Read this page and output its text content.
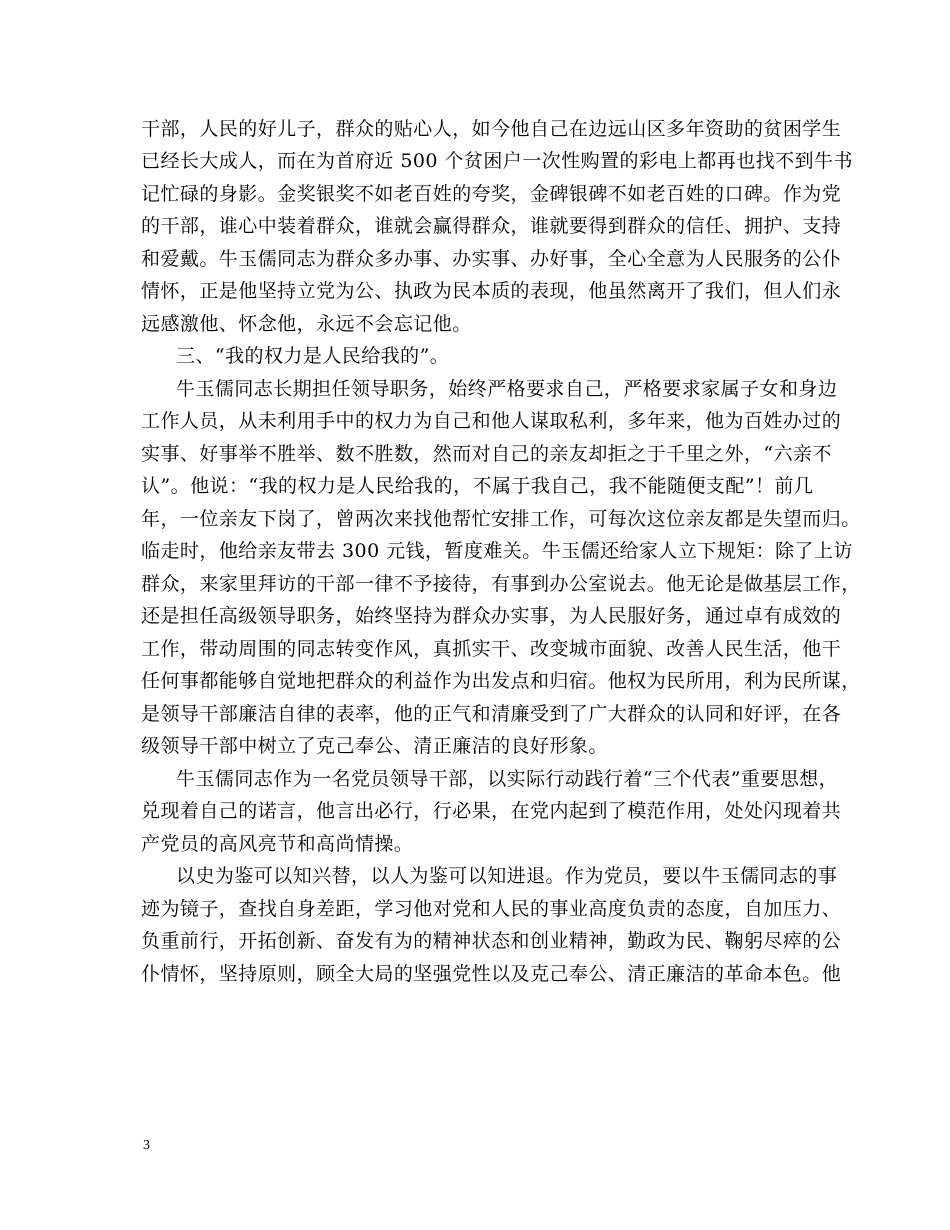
干部，人民的好儿子，群众的贴心人，如今他自己在边远山区多年资助的贫困学生
已经长大成人，而在为首府近 500 个贫困户一次性购置的彩电上都再也找不到牛书
记忙碌的身影。金奖银奖不如老百姓的夸奖，金碑银碑不如老百姓的口碑。作为党
的干部，谁心中装着群众，谁就会赢得群众，谁就要得到群众的信任、拥护、支持
和爱戴。牛玉儒同志为群众多办事、办实事、办好事，全心全意为人民服务的公仆
情怀，正是他坚持立党为公、执政为民本质的表现，他虽然离开了我们，但人们永
远感激他、怀念他，永远不会忘记他。
三、“我的权力是人民给我的”。
牛玉儒同志长期担任领导职务，始终严格要求自己，严格要求家属子女和身边
工作人员，从未利用手中的权力为自己和他人谋取私利，多年来，他为百姓办过的
实事、好事举不胜举、数不胜数，然而对自己的亲友却拒之于千里之外，“六亲不
认”。他说：“我的权力是人民给我的，不属于我自己，我不能随便支配”！前几
年，一位亲友下岗了，曾两次来找他帮忙安排工作，可每次这位亲友都是失望而归。
临走时，他给亲友带去 300 元钱，暂度难关。牛玉儒还给家人立下规矩：除了上访
群众，来家里拜访的干部一律不予接待，有事到办公室说去。他无论是做基层工作，
还是担任高级领导职务，始终坚持为群众办实事，为人民服好务，通过卓有成效的
工作，带动周围的同志转变作风，真抓实干、改变城市面貌、改善人民生活，他干
任何事都能够自觉地把群众的利益作为出发点和归宿。他权为民所用，利为民所谋，
是领导干部廉洁自律的表率，他的正气和清廉受到了广大群众的认同和好评，在各
级领导干部中树立了克己奉公、清正廉洁的良好形象。
牛玉儒同志作为一名党员领导干部，以实际行动践行着“三个代表”重要思想，
兑现着自己的诺言，他言出必行，行必果，在党内起到了模范作用，处处闪现着共
产党员的高风亮节和高尚情操。
以史为鉴可以知兴替，以人为鉴可以知进退。作为党员，要以牛玉儒同志的事
迹为镜子，查找自身差距，学习他对党和人民的事业高度负责的态度，自加压力、
负重前行，开拓创新、奋发有为的精神状态和创业精神，勤政为民、鞠躬尽瘁的公
仆情怀，坚持原则，顾全大局的坚强党性以及克己奉公、清正廉洁的革命本色。他
3
